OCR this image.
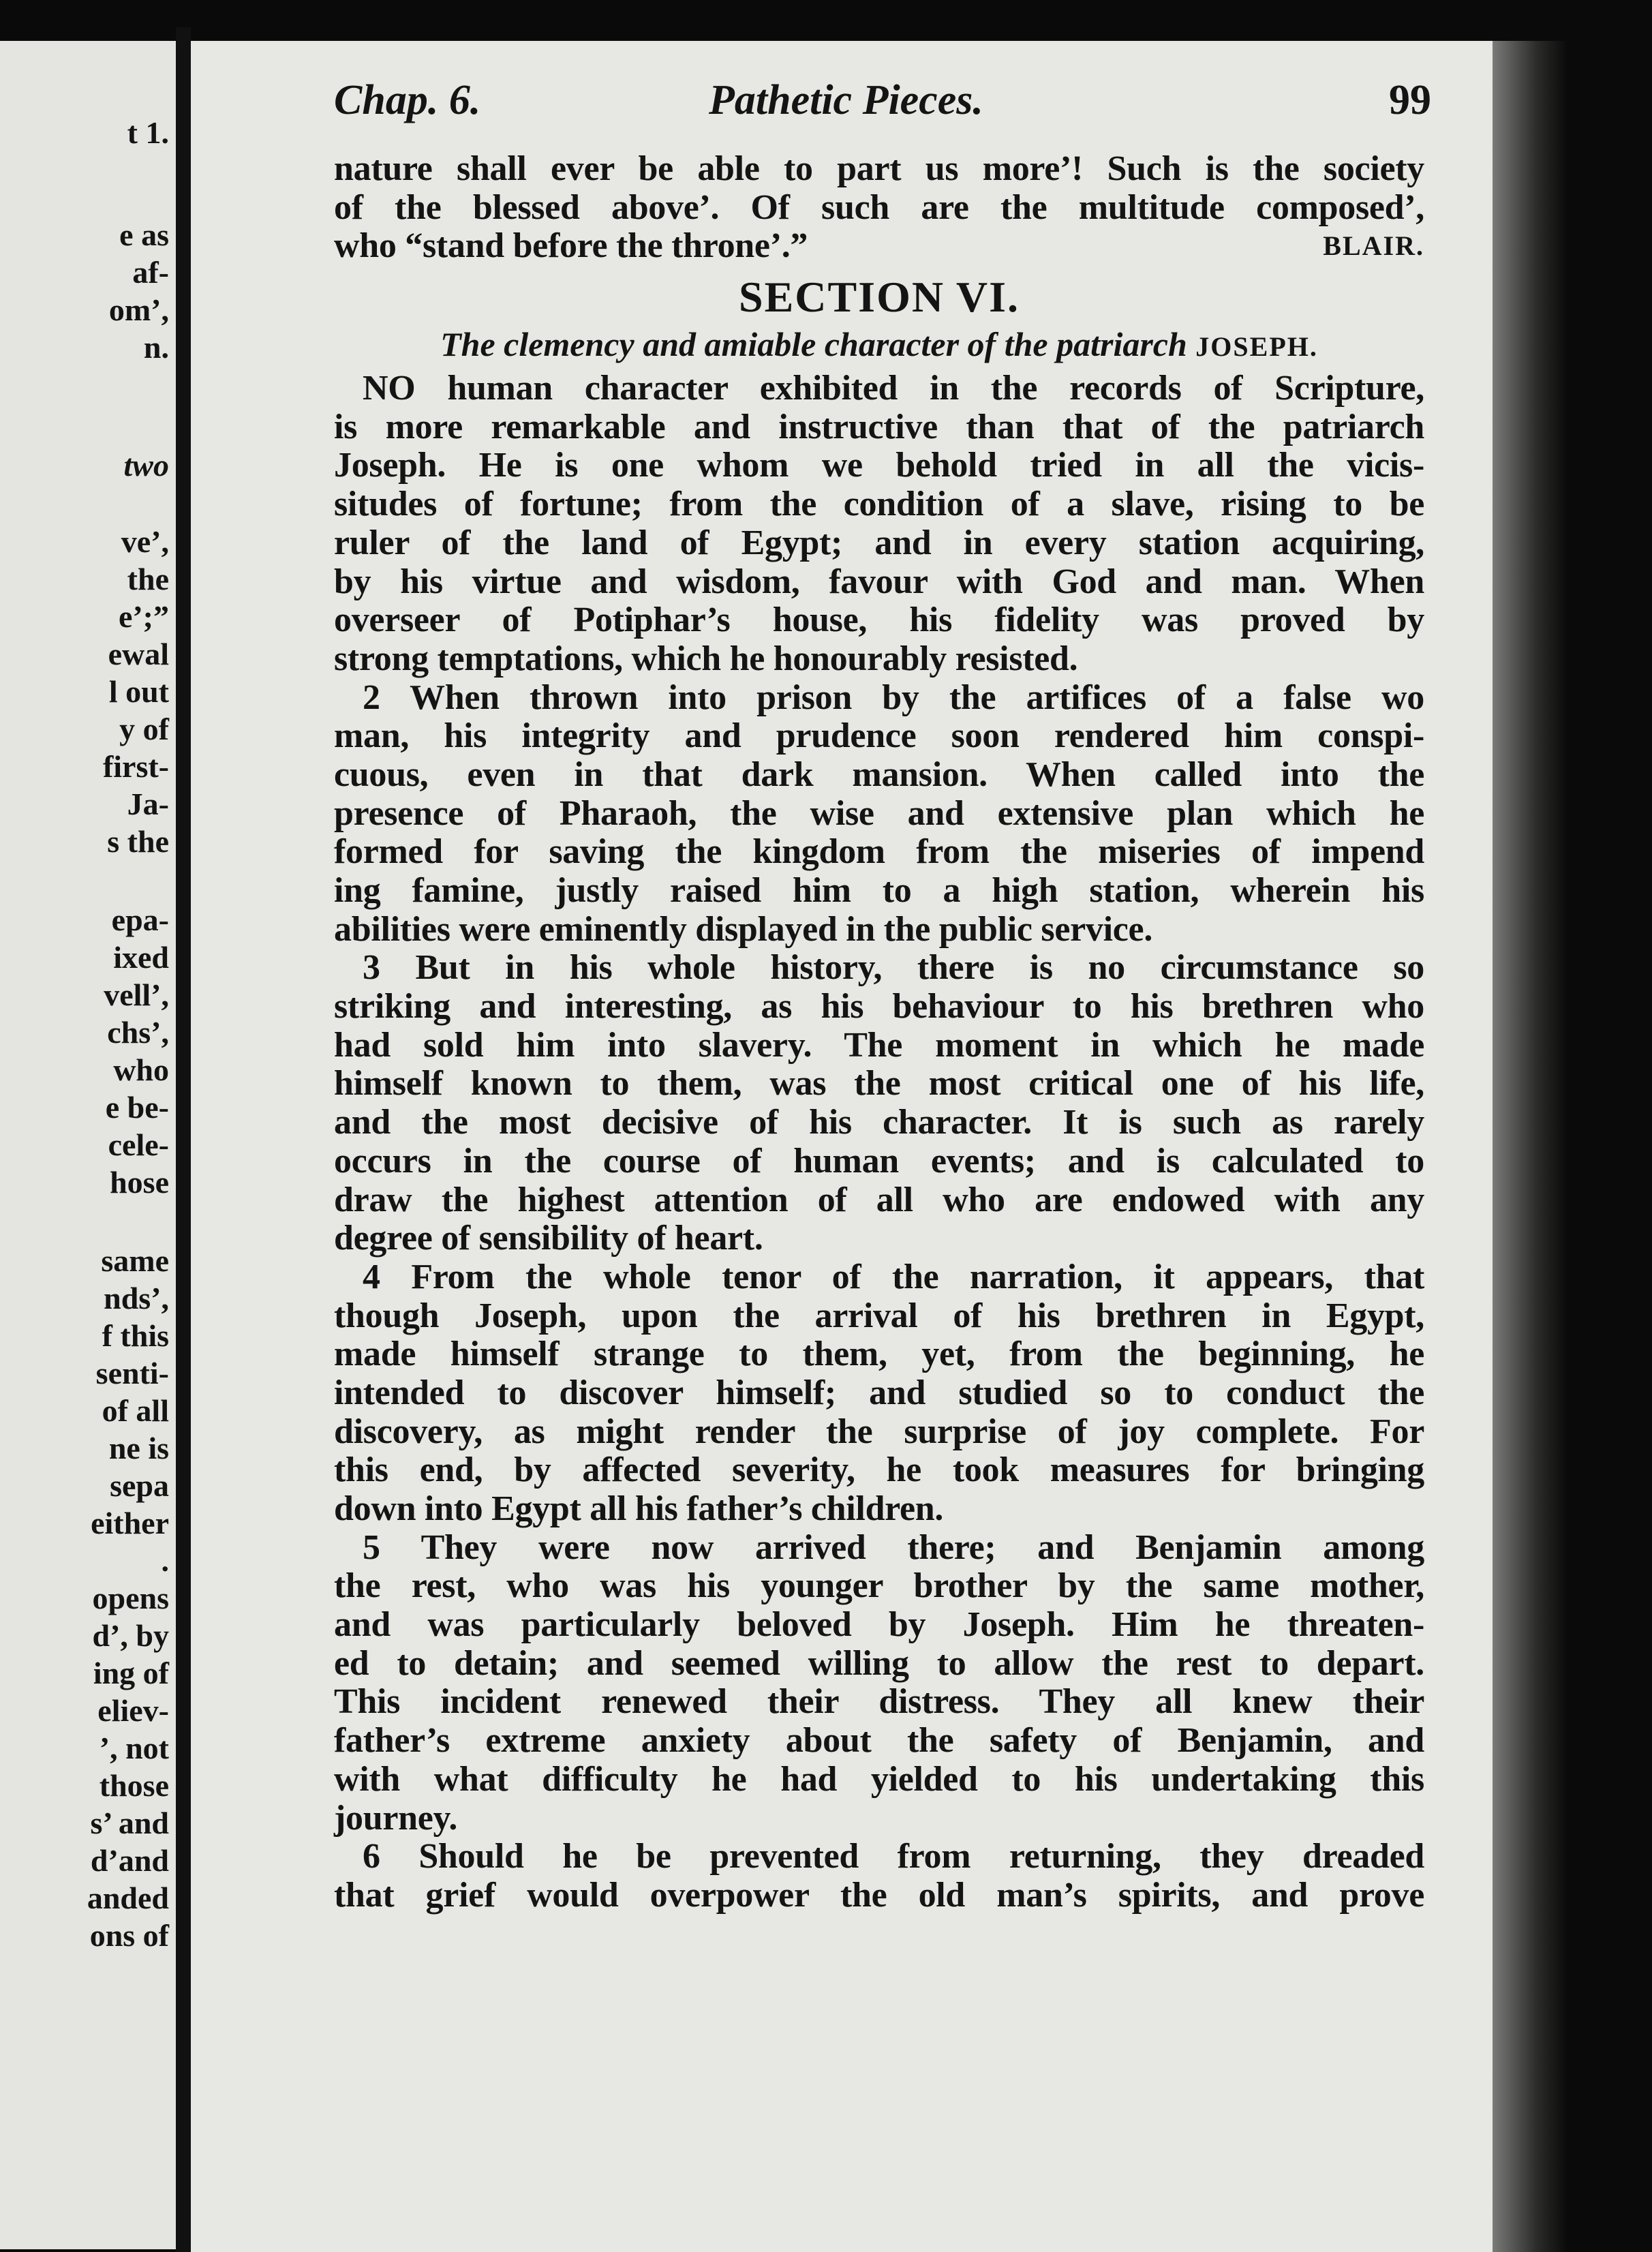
t 1.
e as
af-
om’,
n.
two
ve’,
the
e’;”
ewal
l out
y of
first-
Ja-
s the
epa-
ixed
vell’,
chs’,
who
e be-
cele-
hose
same
nds’,
f this
senti-
of all
ne is
sepa
either
.
opens
d’, by
ing of
eliev-
’, not
those
s’ and
d’and
anded
ons of
Chap. 6.	Pathetic Pieces.	99
nature shall ever be able to part us more’! Such is the society
of the blessed above’. Of such are the multitude composed’,
who “stand before the throne’.”	BLAIR.
SECTION VI.
The clemency and amiable character of the patriarch JOSEPH.
NO human character exhibited in the records of Scripture,
is more remarkable and instructive than that of the patriarch
Joseph. He is one whom we behold tried in all the vicis-
situdes of fortune; from the condition of a slave, rising to be
ruler of the land of Egypt; and in every station acquiring,
by his virtue and wisdom, favour with God and man. When
overseer of Potiphar’s house, his fidelity was proved by
strong temptations, which he honourably resisted.
2 When thrown into prison by the artifices of a false wo
man, his integrity and prudence soon rendered him conspi-
cuous, even in that dark mansion. When called into the
presence of Pharaoh, the wise and extensive plan which he
formed for saving the kingdom from the miseries of impend
ing famine, justly raised him to a high station, wherein his
abilities were eminently displayed in the public service.
3 But in his whole history, there is no circumstance so
striking and interesting, as his behaviour to his brethren who
had sold him into slavery. The moment in which he made
himself known to them, was the most critical one of his life,
and the most decisive of his character. It is such as rarely
occurs in the course of human events; and is calculated to
draw the highest attention of all who are endowed with any
degree of sensibility of heart.
4 From the whole tenor of the narration, it appears, that
though Joseph, upon the arrival of his brethren in Egypt,
made himself strange to them, yet, from the beginning, he
intended to discover himself; and studied so to conduct the
discovery, as might render the surprise of joy complete. For
this end, by affected severity, he took measures for bringing
down into Egypt all his father’s children.
5 They were now arrived there; and Benjamin among
the rest, who was his younger brother by the same mother,
and was particularly beloved by Joseph. Him he threaten-
ed to detain; and seemed willing to allow the rest to depart.
This incident renewed their distress. They all knew their
father’s extreme anxiety about the safety of Benjamin, and
with what difficulty he had yielded to his undertaking this
journey.
6 Should he be prevented from returning, they dreaded
that grief would overpower the old man’s spirits, and prove
